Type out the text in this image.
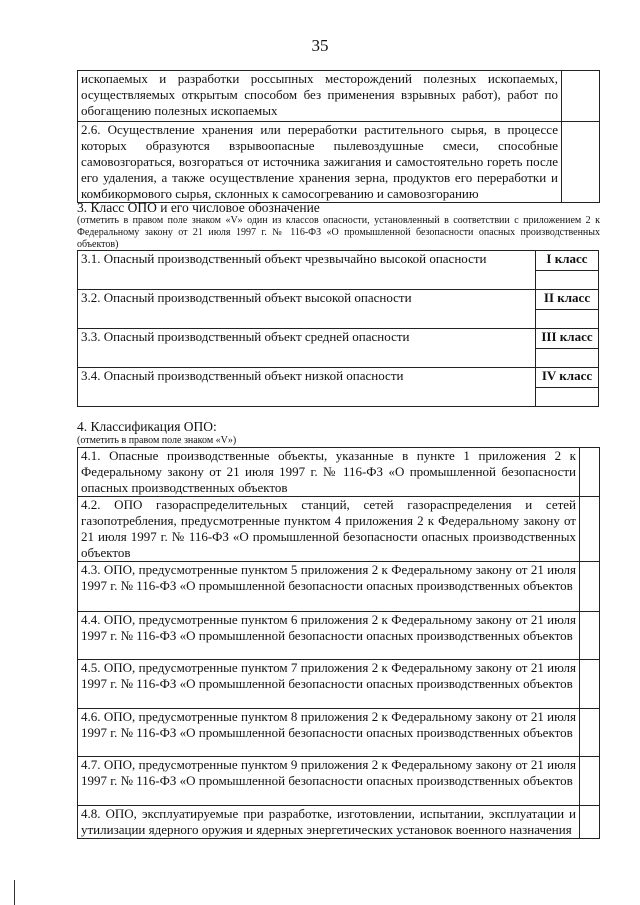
35
ископаемых и разработки россыпных месторождений полезных ископаемых, осуществляемых открытым способом без применения взрывных работ), работ по обогащению полезных ископаемых	
2.6. Осуществление хранения или переработки растительного сырья, в процессе которых образуются взрывоопасные пылевоздушные смеси, способные самовозгораться, возгораться от источника зажигания и самостоятельно гореть после его удаления, а также осуществление хранения зерна, продуктов его переработки и комбикормового сырья, склонных к самосогреванию и самовозгоранию	
3. Класс ОПО и его числовое обозначение
(отметить в правом поле знаком «V» один из классов опасности, установленный в соответствии с приложением 2 к Федеральному закону от 21 июля 1997 г. № 116-ФЗ «О промышленной безопасности опасных производственных объектов)
3.1. Опасный производственный объект чрезвычайно высокой опасности	I класс

3.2. Опасный производственный объект высокой опасности	II класс

3.3. Опасный производственный объект средней опасности	III класс

3.4. Опасный производственный объект низкой опасности	IV класс

4. Классификация ОПО:
(отметить в правом поле знаком «V»)
4.1. Опасные производственные объекты, указанные в пункте 1 приложения 2 к Федеральному закону от 21 июля 1997 г. № 116-ФЗ «О промышленной безопасности опасных производственных объектов	
4.2. ОПО газораспределительных станций, сетей газораспределения и сетей газопотребления, предусмотренные пунктом 4 приложения 2 к Федеральному закону от 21 июля 1997 г. № 116-ФЗ «О промышленной безопасности опасных производственных объектов	
4.3. ОПО, предусмотренные пунктом 5 приложения 2 к Федеральному закону от 21 июля 1997 г. № 116-ФЗ «О промышленной безопасности опасных производственных объектов	
4.4. ОПО, предусмотренные пунктом 6 приложения 2 к Федеральному закону от 21 июля 1997 г. № 116-ФЗ «О промышленной безопасности опасных производственных объектов	
4.5. ОПО, предусмотренные пунктом 7 приложения 2 к Федеральному закону от 21 июля 1997 г. № 116-ФЗ «О промышленной безопасности опасных производственных объектов	
4.6. ОПО, предусмотренные пунктом 8 приложения 2 к Федеральному закону от 21 июля 1997 г. № 116-ФЗ «О промышленной безопасности опасных производственных объектов	
4.7. ОПО, предусмотренные пунктом 9 приложения 2 к Федеральному закону от 21 июля 1997 г. № 116-ФЗ «О промышленной безопасности опасных производственных объектов	
4.8. ОПО, эксплуатируемые при разработке, изготовлении, испытании, эксплуатации и утилизации ядерного оружия и ядерных энергетических установок военного назначения	
